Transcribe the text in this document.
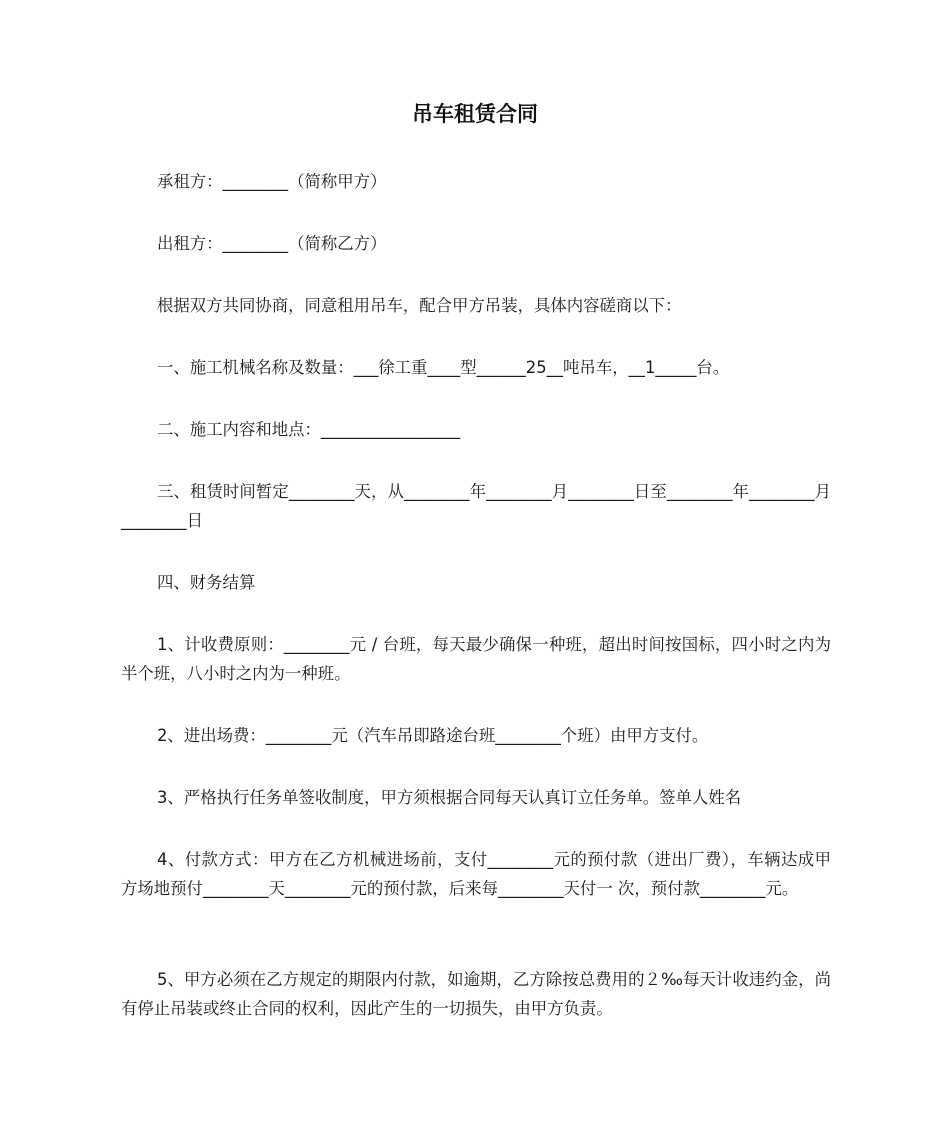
吊车租赁合同

承租方：________（简称甲方）

出租方：________（简称乙方）

根据双方共同协商，同意租用吊车，配合甲方吊装，具体内容磋商以下：

一、施工机械名称及数量：___徐工重____型______25__吨吊车，__1_____台。

二、施工内容和地点：_________________

三、租赁时间暂定________天，从________年________月________日至________年__​______月________日

四、财务结算

1、计收费原则：________元 / 台班，每天最少确保一种班，超出时间按国标，四小时之内为半个班，八小时之内为一种班。

2、进出场费：________元（汽车吊即路途台班________个班）由甲方支付。

3、严格执行任务单签收制度，甲方须根据合同每天认真订立任务单。签单人姓名

4、付款方式：甲方在乙方机械进场前，支付________元的预付款（进出厂费），车辆达成甲方场地预付________天________元的预付款，后来每________天付一 次，预付款________元。

5、甲方必须在乙方规定的期限内付款，如逾期，乙方除按总费用的２‰每天计收违约金，尚有停止吊装或终止合同的权利，因此产生的一切损失，由甲方负责。
